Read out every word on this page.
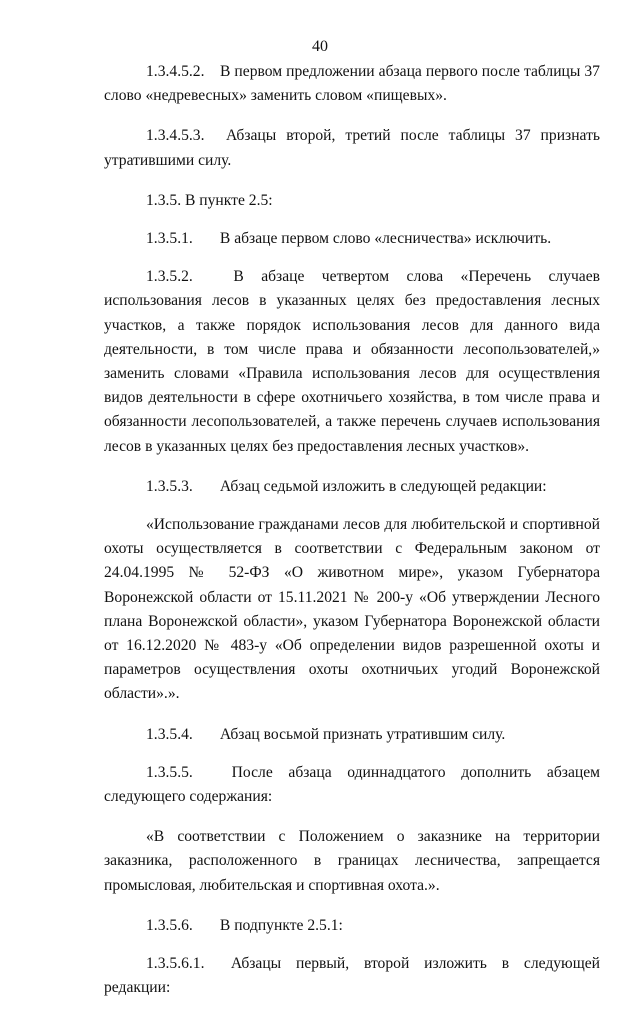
40

1.3.4.5.2. В первом предложении абзаца первого после таблицы 37 слово «недревесных» заменить словом «пищевых».

1.3.4.5.3. Абзацы второй, третий после таблицы 37 признать утратившими силу.

1.3.5. В пункте 2.5:

1.3.5.1. В абзаце первом слово «лесничества» исключить.

1.3.5.2.	В абзаце четвертом слова «Перечень случаев использования лесов в указанных целях без предоставления лесных участков, а также порядок использования лесов для данного вида деятельности, в том числе права и обязанности лесопользователей,» заменить словами «Правила использования лесов для осуществления видов деятельности в сфере охотничьего хозяйства, в том числе права и обязанности лесопользователей, а также перечень случаев использования лесов в указанных целях без предоставления лесных участков».

1.3.5.3. Абзац седьмой изложить в следующей редакции:

«Использование гражданами лесов для любительской и спортивной охоты осуществляется в соответствии с Федеральным законом от 24.04.1995 № 52-ФЗ «О животном мире», указом Губернатора Воронежской области от 15.11.2021 № 200-у «Об утверждении Лесного плана Воронежской области», указом Губернатора Воронежской области от 16.12.2020 № 483-у «Об определении видов разрешенной охоты и параметров осуществления охоты охотничьих угодий Воронежской области».».

1.3.5.4. Абзац восьмой признать утратившим силу.

1.3.5.5. После абзаца одиннадцатого дополнить абзацем следующего содержания:

«В соответствии с Положением о заказнике на территории заказника, расположенного в границах лесничества, запрещается промысловая, любительская и спортивная охота.».

1.3.5.6. В подпункте 2.5.1:

1.3.5.6.1. Абзацы первый, второй изложить в следующей редакции:
